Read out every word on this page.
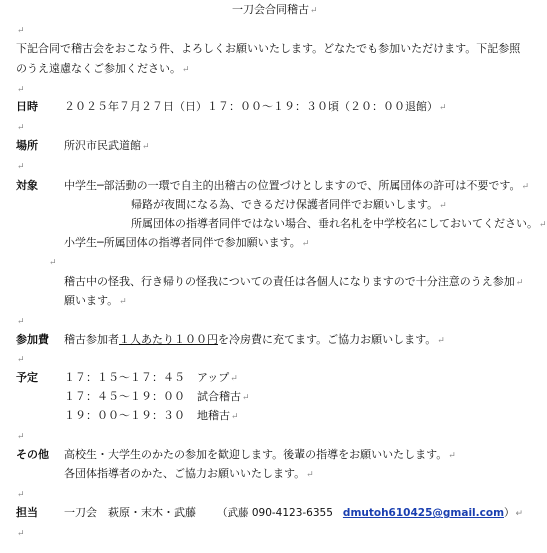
一刀会合同稽古↵
↵
下記合同で稽古会をおこなう件、よろしくお願いいたします。どなたでも参加いただけます。下記参照
のうえ遠慮なくご参加ください。↵
↵
日時 ２０２５年７月２７日（日）１７：００～１９：３０頃（２０：００退館）↵
↵
場所 所沢市民武道館↵
↵
対象 中学生─部活動の一環で自主的出稽古の位置づけとしますので、所属団体の許可は不要です。↵
帰路が夜間になる為、できるだけ保護者同伴でお願いします。↵
所属団体の指導者同伴ではない場合、垂れ名札を中学校名にしておいてください。↵
小学生─所属団体の指導者同伴で参加願います。↵
↵
稽古中の怪我、行き帰りの怪我についての責任は各個人になりますので十分注意のうえ参加↵
願います。↵
↵
参加費 稽古参加者１人あたり１００円を冷房費に充てます。ご協力お願いします。↵
↵
予定 １７：１５～１７：４５ アップ↵
１７：４５～１９：００ 試合稽古↵
１９：００～１９：３０ 地稽古↵
↵
その他 高校生・大学生のかたの参加を歓迎します。後輩の指導をお願いいたします。↵
各団体指導者のかた、ご協力お願いいたします。↵
↵
担当 一刀会　萩原・末木・武藤 （武藤 090-4123-6355 dmutoh610425@gmail.com）↵
↵
